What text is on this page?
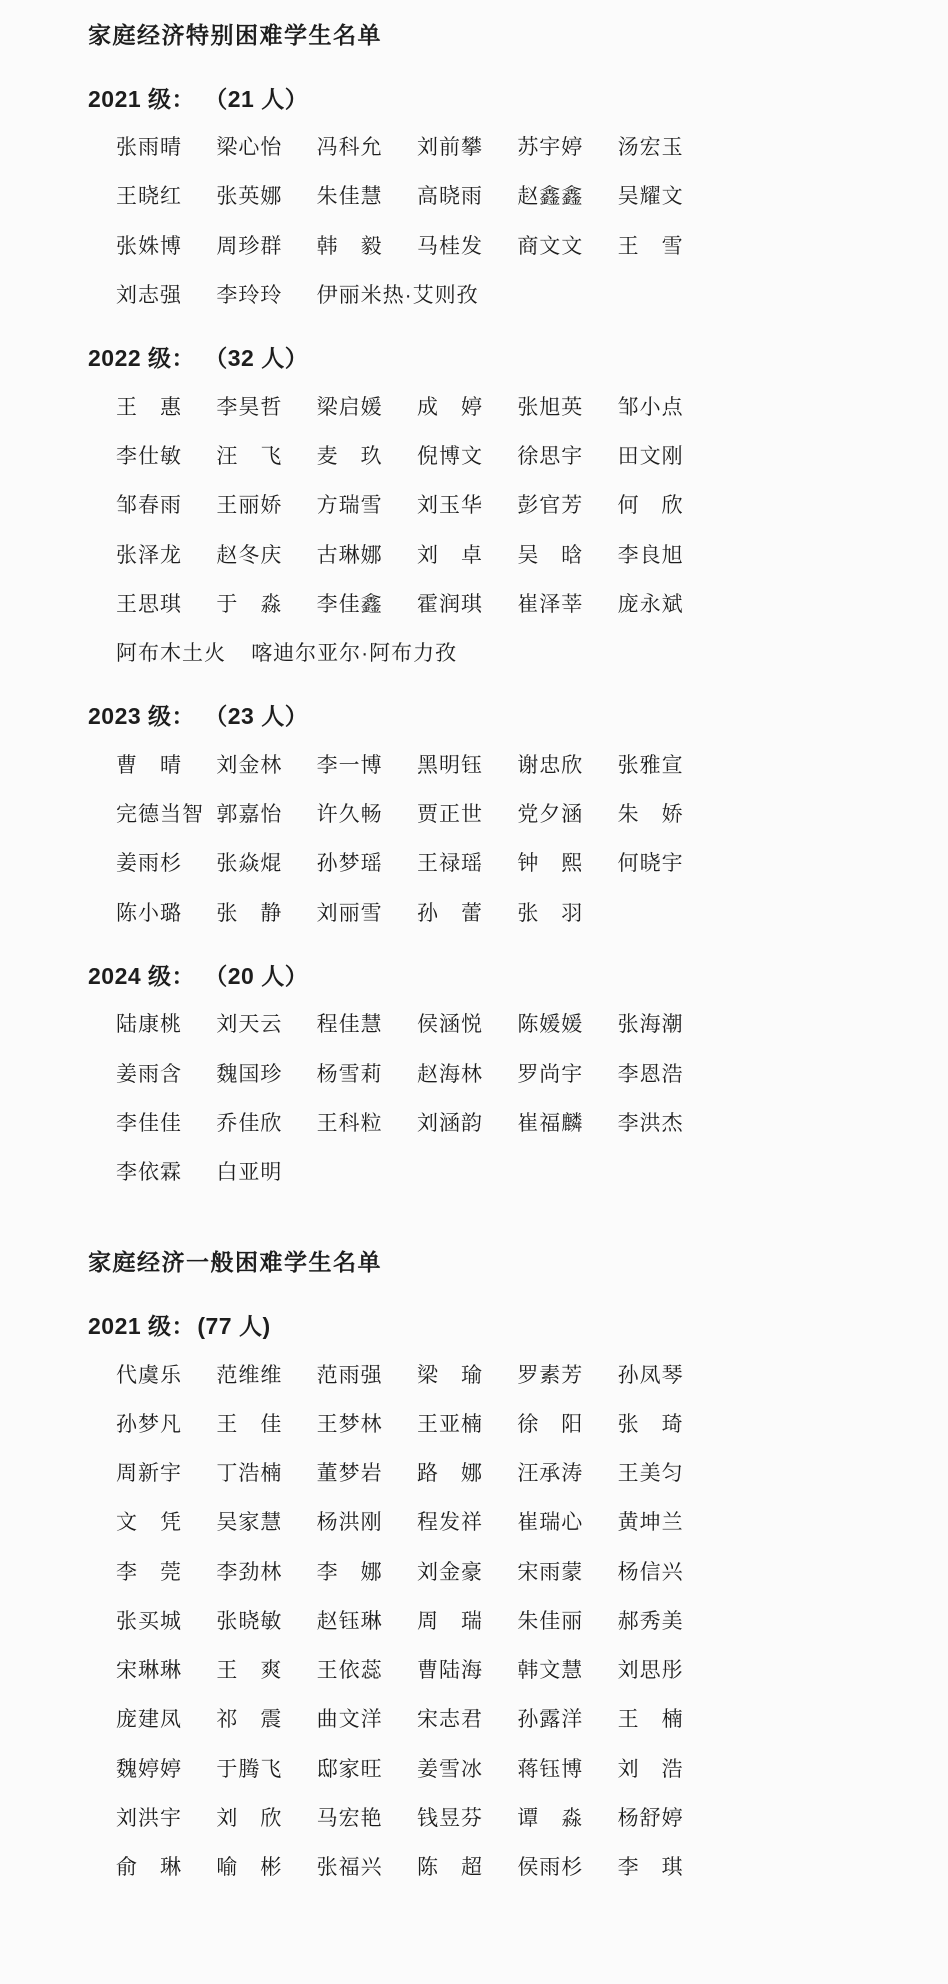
家庭经济特别困难学生名单
2021 级： （21 人）
张雨晴	梁心怡	冯科允	刘前攀	苏宇婷	汤宏玉
王晓红	张英娜	朱佳慧	高晓雨	赵鑫鑫	吴耀文
张姝博	周珍群	韩　毅	马桂发	商文文	王　雪
刘志强	李玲玲	伊丽米热·艾则孜
2022 级： （32 人）
王　惠	李昊哲	梁启媛	成　婷	张旭英	邹小点
李仕敏	汪　飞	麦　玖	倪博文	徐思宇	田文刚
邹春雨	王丽娇	方瑞雪	刘玉华	彭官芳	何　欣
张泽龙	赵冬庆	古琳娜	刘　卓	吴　晗	李良旭
王思琪	于　淼	李佳鑫	霍润琪	崔泽莘	庞永斌
阿布木土火	喀迪尔亚尔·阿布力孜
2023 级： （23 人）
曹　晴	刘金林	李一博	黑明钰	谢忠欣	张雅宣
完德当智 郭嘉怡	许久畅	贾正世	党夕涵	朱　娇
姜雨杉	张焱焜	孙梦瑶	王禄瑶	钟　熙	何晓宇
陈小璐	张　静	刘丽雪	孙　蕾	张　羽
2024 级： （20 人）
陆康桃	刘天云	程佳慧	侯涵悦	陈媛媛	张海潮
姜雨含	魏国珍	杨雪莉	赵海林	罗尚宇	李恩浩
李佳佳	乔佳欣	王科粒	刘涵韵	崔福麟	李洪杰
李依霖	白亚明
家庭经济一般困难学生名单
2021 级：(77 人)
代虞乐	范维维	范雨强	梁　瑜	罗素芳	孙凤琴
孙梦凡	王　佳	王梦林	王亚楠	徐　阳	张　琦
周新宇	丁浩楠	董梦岩	路　娜	汪承涛	王美匀
文　凭	吴家慧	杨洪刚	程发祥	崔瑞心	黄坤兰
李　莞	李劲林	李　娜	刘金豪	宋雨蒙	杨信兴
张买城	张晓敏	赵钰琳	周　瑞	朱佳丽	郝秀美
宋琳琳	王　爽	王依蕊	曹陆海	韩文慧	刘思彤
庞建凤	祁　震	曲文洋	宋志君	孙露洋	王　楠
魏婷婷	于腾飞	邸家旺	姜雪冰	蒋钰博	刘　浩
刘洪宇	刘　欣	马宏艳	钱昱芬	谭　淼	杨舒婷
俞　琳	喻　彬	张福兴	陈　超	侯雨杉	李　琪
